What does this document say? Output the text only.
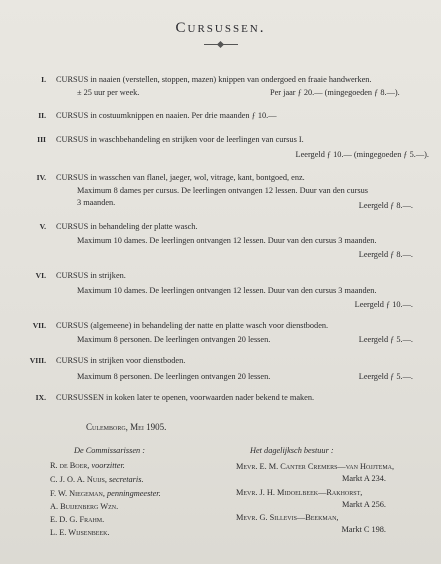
Cursussen.
I. CURSUS in naaien (verstellen, stoppen, mazen) knippen van ondergoed en fraaie handwerken.
± 25 uur per week.	Per jaar ƒ 20.— (mingegoeden ƒ 8.—).
II. CURSUS in costuumknippen en naaien. Per drie maanden ƒ 10.—
III CURSUS in waschbehandeling en strijken voor de leerlingen van cursus I.
Leergeld ƒ 10.— (mingegoeden ƒ 5.—).
IV. CURSUS in wasschen van flanel, jaeger, wol, vitrage, kant, bontgoed, enz.
Maximum 8 dames per cursus. De leerlingen ontvangen 12 lessen. Duur van den cursus
3 maanden.	Leergeld ƒ 8.—.
V. CURSUS in behandeling der platte wasch.
Maximum 10 dames. De leerlingen ontvangen 12 lessen. Duur van den cursus 3 maanden.
Leergeld ƒ 8.—.
VI. CURSUS in strijken.
Maximum 10 dames. De leerlingen ontvangen 12 lessen. Duur van den cursus 3 maanden.
Leergeld ƒ 10.—.
VII. CURSUS (algemeene) in behandeling der natte en platte wasch voor dienstboden.
Maximum 8 personen. De leerlingen ontvangen 20 lessen.	Leergeld ƒ 5.—.
VIII. CURSUS in strijken voor dienstboden.
Maximum 8 personen. De leerlingen ontvangen 20 lessen.	Leergeld ƒ 5.—.
IX. CURSUSSEN in koken later te openen, voorwaarden nader bekend te maken.
Culemborg, Mei 1905.
De Commissarissen :
R. de Boer, voorzitter.
C. J. O. A. Nuijs, secretaris.
F. W. Niegeman, penningmeester.
A. Buijenberg Wzn.
E. D. G. Frahm.
L. E. Wijsenbeek.
Het dagelijksch bestuur :
Mevr. E. M. Canter Cremers—van Hojjtema,
Markt A 234.
Mevr. J. H. Midoelbeek—Rakhorst,
Markt A 256.
Mevr. G. Sillevis—Beekman,
Markt C 198.
